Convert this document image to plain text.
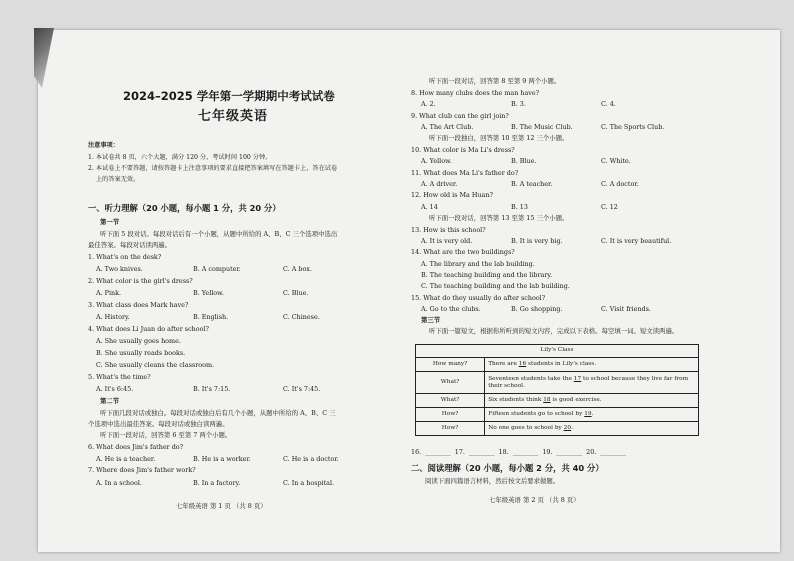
2024–2025 学年第一学期期中考试试卷
七年级英语
注意事项：
1. 本试卷共 8 页，六个大题，满分 120 分，考试时间 100 分钟。
2. 本试卷上不要答题，请按答题卡上注意事项的要求直接把答案填写在答题卡上，答在试卷
上的答案无效。
一、听力理解（20 小题，每小题 1 分，共 20 分）
第一节
听下面 5 段对话。每段对话后有一个小题，从题中所给的 A、B、C 三个选项中选出
最佳答案。每段对话读两遍。
1. What's on the desk?
A. Two knives.	B. A computer.	C. A box.
2. What color is the girl's dress?
A. Pink.	B. Yellow.	C. Blue.
3. What class does Mark have?
A. History.	B. English.	C. Chinese.
4. What does Li Juan do after school?
A. She usually goes home.
B. She usually reads books.
C. She usually cleans the classroom.
5. What's the time?
A. It's 6:45.	B. It's 7:15.	C. It's 7:45.
第二节
听下面几段对话或独白。每段对话或独白后有几个小题，从题中所给的 A、B、C 三
个选项中选出最佳答案。每段对话或独白读两遍。
听下面一段对话，回答第 6 至第 7 两个小题。
6. What does Jim's father do?
A. He is a teacher.	B. He is a worker.	C. He is a doctor.
7. Where does Jim's father work?
A. In a school.	B. In a factory.	C. In a hospital.
七年级英语 第 1 页 （共 8 页）
听下面一段对话，回答第 8 至第 9 两个小题。
8. How many clubs does the man have?
A. 2.	B. 3.	C. 4.
9. What club can the girl join?
A. The Art Club.	B. The Music Club.	C. The Sports Club.
听下面一段独白，回答第 10 至第 12 三个小题。
10. What color is Ma Li's dress?
A. Yellow.	B. Blue.	C. White.
11. What does Ma Li's father do?
A. A driver.	B. A teacher.	C. A doctor.
12. How old is Ma Huan?
A. 14	B. 13	C. 12
听下面一段对话，回答第 13 至第 15 三个小题。
13. How is this school?
A. It is very old.	B. It is very big.	C. It is very beautiful.
14. What are the two buildings?
A. The library and the lab building.
B. The teaching building and the library.
C. The teaching building and the lab building.
15. What do they usually do after school?
A. Go to the clubs.	B. Go shopping.	C. Visit friends.
第三节
听下面一篇短文，根据你所听到的短文内容，完成以下表格。每空填一词。短文读两遍。
Lily's Class	
How many?	There are 16 students in Lily's class.
What?	Seventeen students take the 17 to school because they live far from their school.
What?	Six students think 18 is good exercise.
How?	Fifteen students go to school by 19.
How?	No one goes to school by 20.
16. ________ 17. ________ 18. ________ 19. ________ 20. ________
二、阅读理解（20 小题，每小题 2 分，共 40 分）
阅读下面四篇语言材料，然后按文后要求做题。
七年级英语 第 2 页 （共 8 页）
